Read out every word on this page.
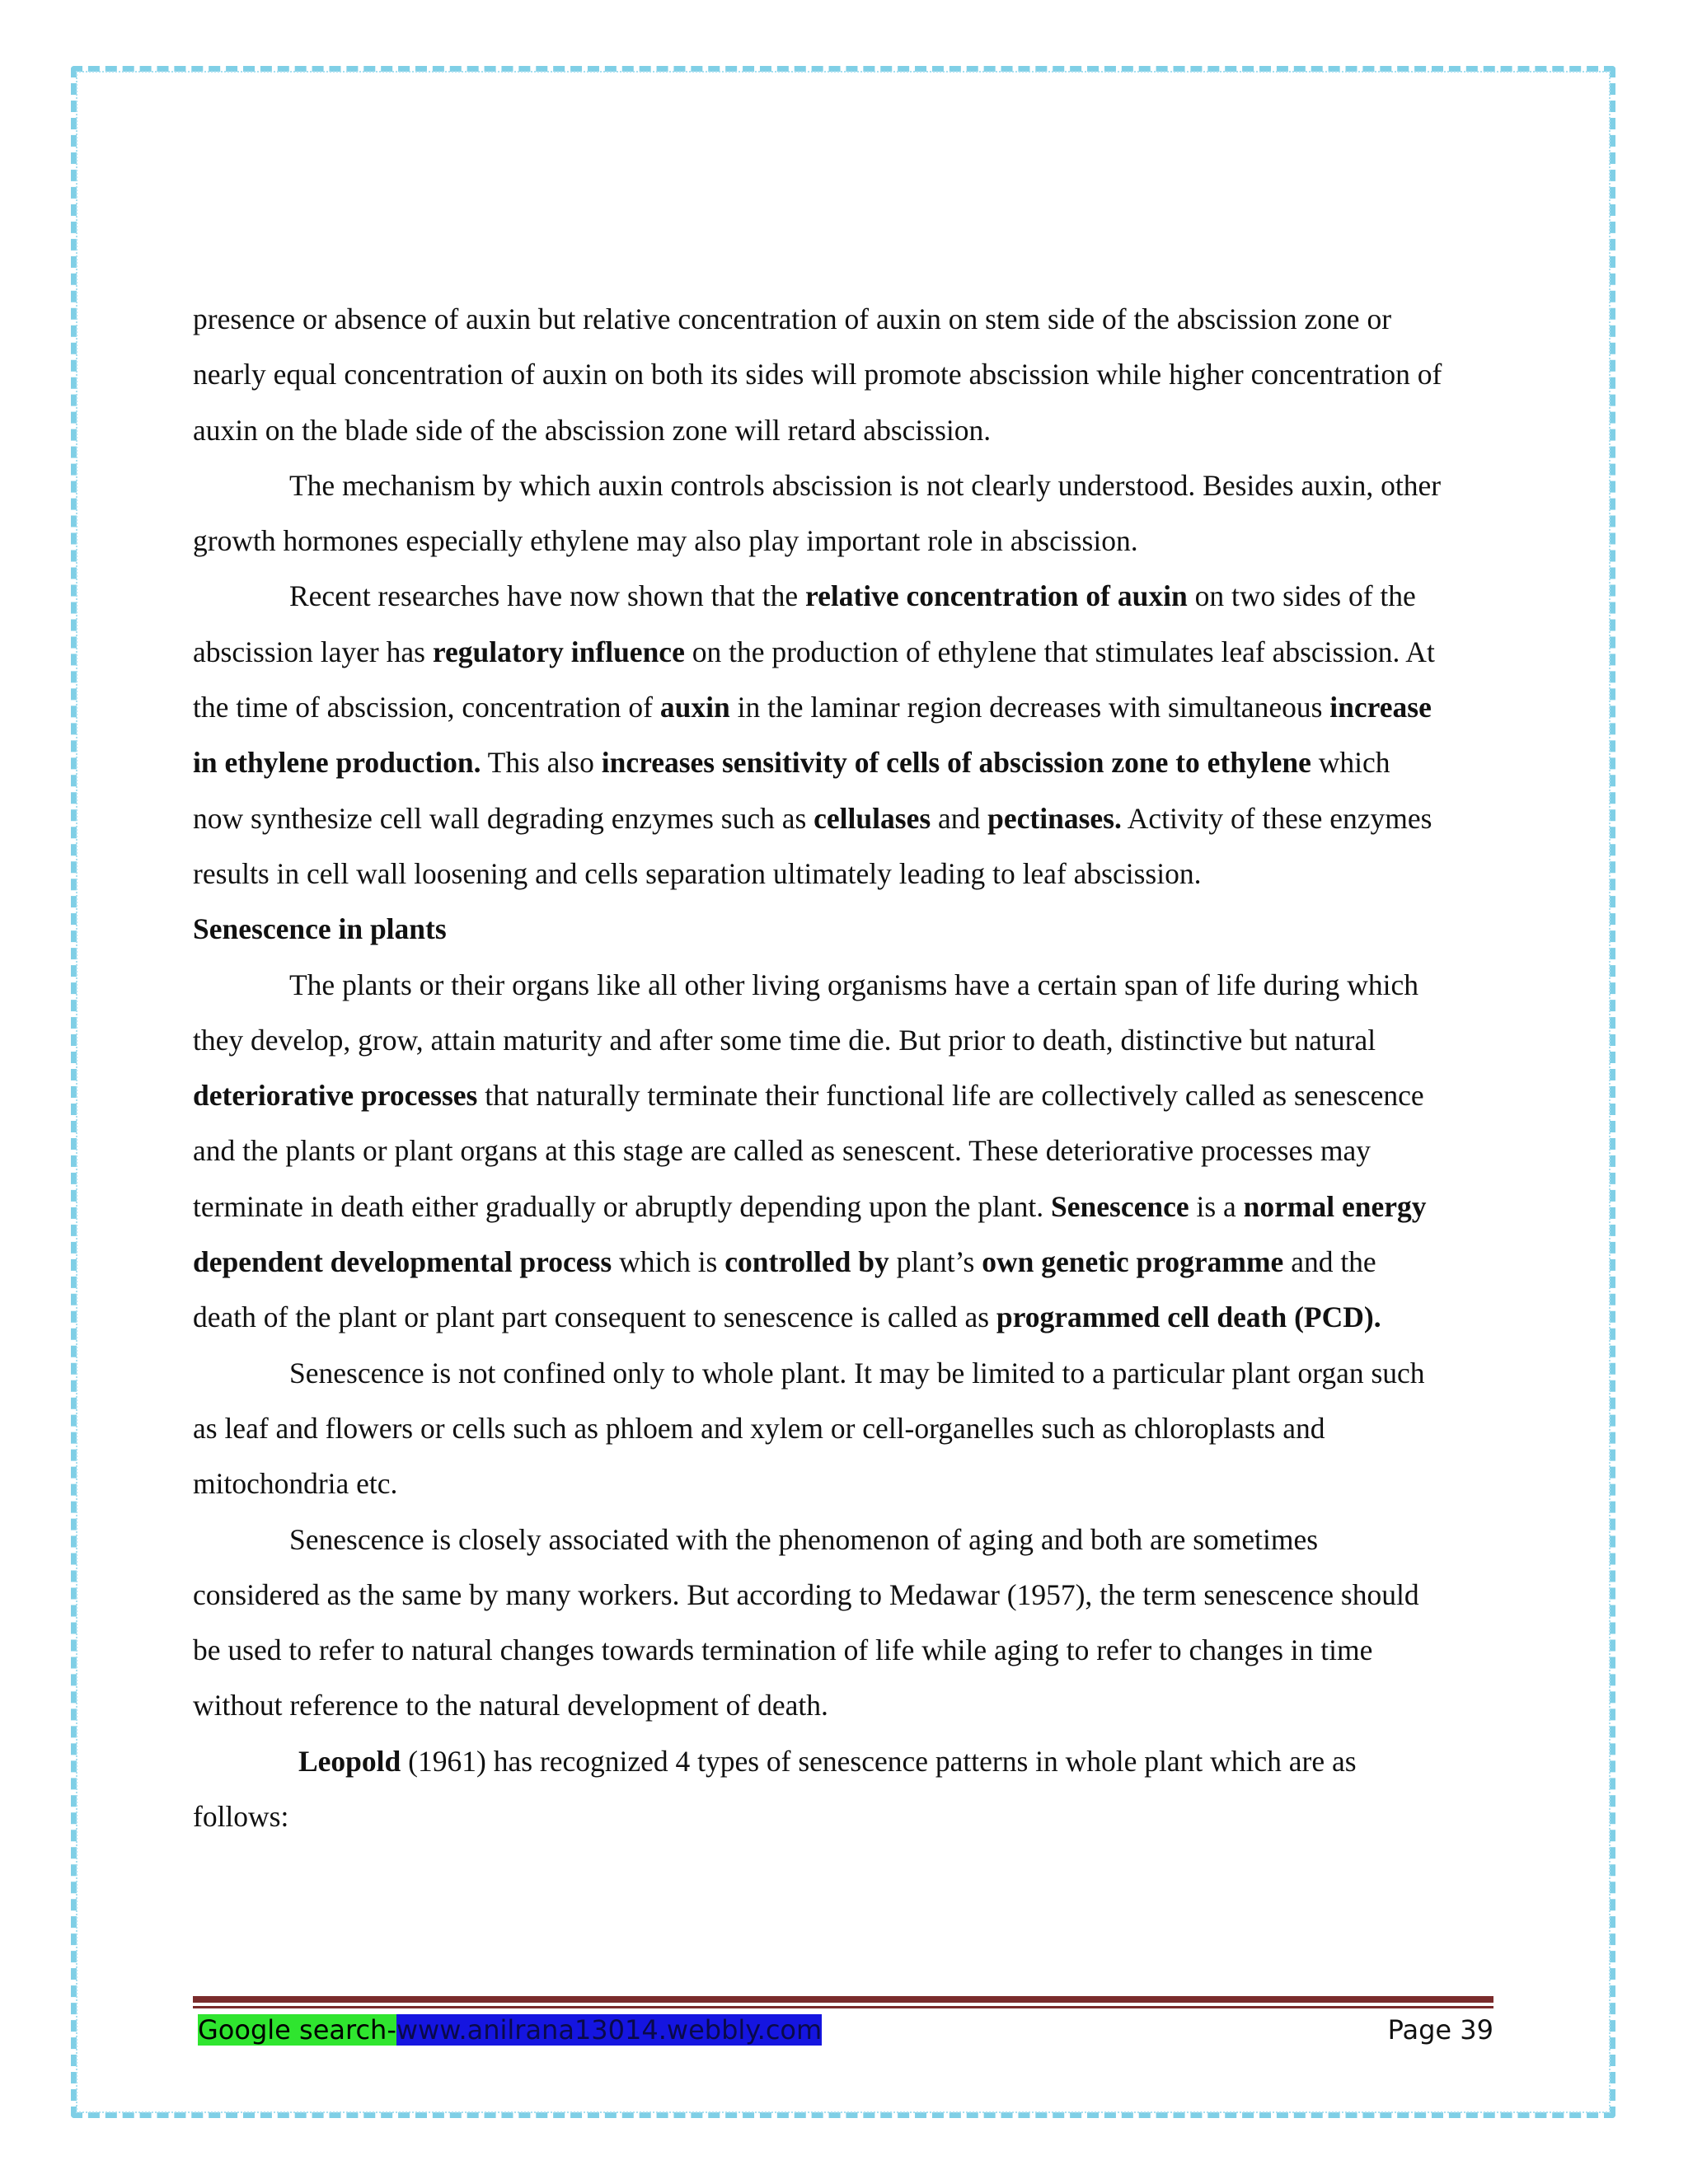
presence or absence of auxin but relative concentration of auxin on stem side of the abscission zone or nearly equal concentration of auxin on both its sides will promote abscission while higher concentration of auxin on the blade side of the abscission zone will retard abscission.

The mechanism by which auxin controls abscission is not clearly understood. Besides auxin, other growth hormones especially ethylene may also play important role in abscission.

Recent researches have now shown that the relative concentration of auxin on two sides of the abscission layer has regulatory influence on the production of ethylene that stimulates leaf abscission. At the time of abscission, concentration of auxin in the laminar region decreases with simultaneous increase in ethylene production. This also increases sensitivity of cells of abscission zone to ethylene which now synthesize cell wall degrading enzymes such as cellulases and pectinases. Activity of these enzymes results in cell wall loosening and cells separation ultimately leading to leaf abscission.

Senescence in plants

The plants or their organs like all other living organisms have a certain span of life during which they develop, grow, attain maturity and after some time die. But prior to death, distinctive but natural deteriorative processes that naturally terminate their functional life are collectively called as senescence and the plants or plant organs at this stage are called as senescent. These deteriorative processes may terminate in death either gradually or abruptly depending upon the plant. Senescence is a normal energy dependent developmental process which is controlled by plant’s own genetic programme and the death of the plant or plant part consequent to senescence is called as programmed cell death (PCD).

Senescence is not confined only to whole plant. It may be limited to a particular plant organ such as leaf and flowers or cells such as phloem and xylem or cell-organelles such as chloroplasts and mitochondria etc.

Senescence is closely associated with the phenomenon of aging and both are sometimes considered as the same by many workers. But according to Medawar (1957), the term senescence should be used to refer to natural changes towards termination of life while aging to refer to changes in time without reference to the natural development of death.

Leopold (1961) has recognized 4 types of senescence patterns in whole plant which are as follows:

Google search-www.anilrana13014.webbly.com	Page 39
